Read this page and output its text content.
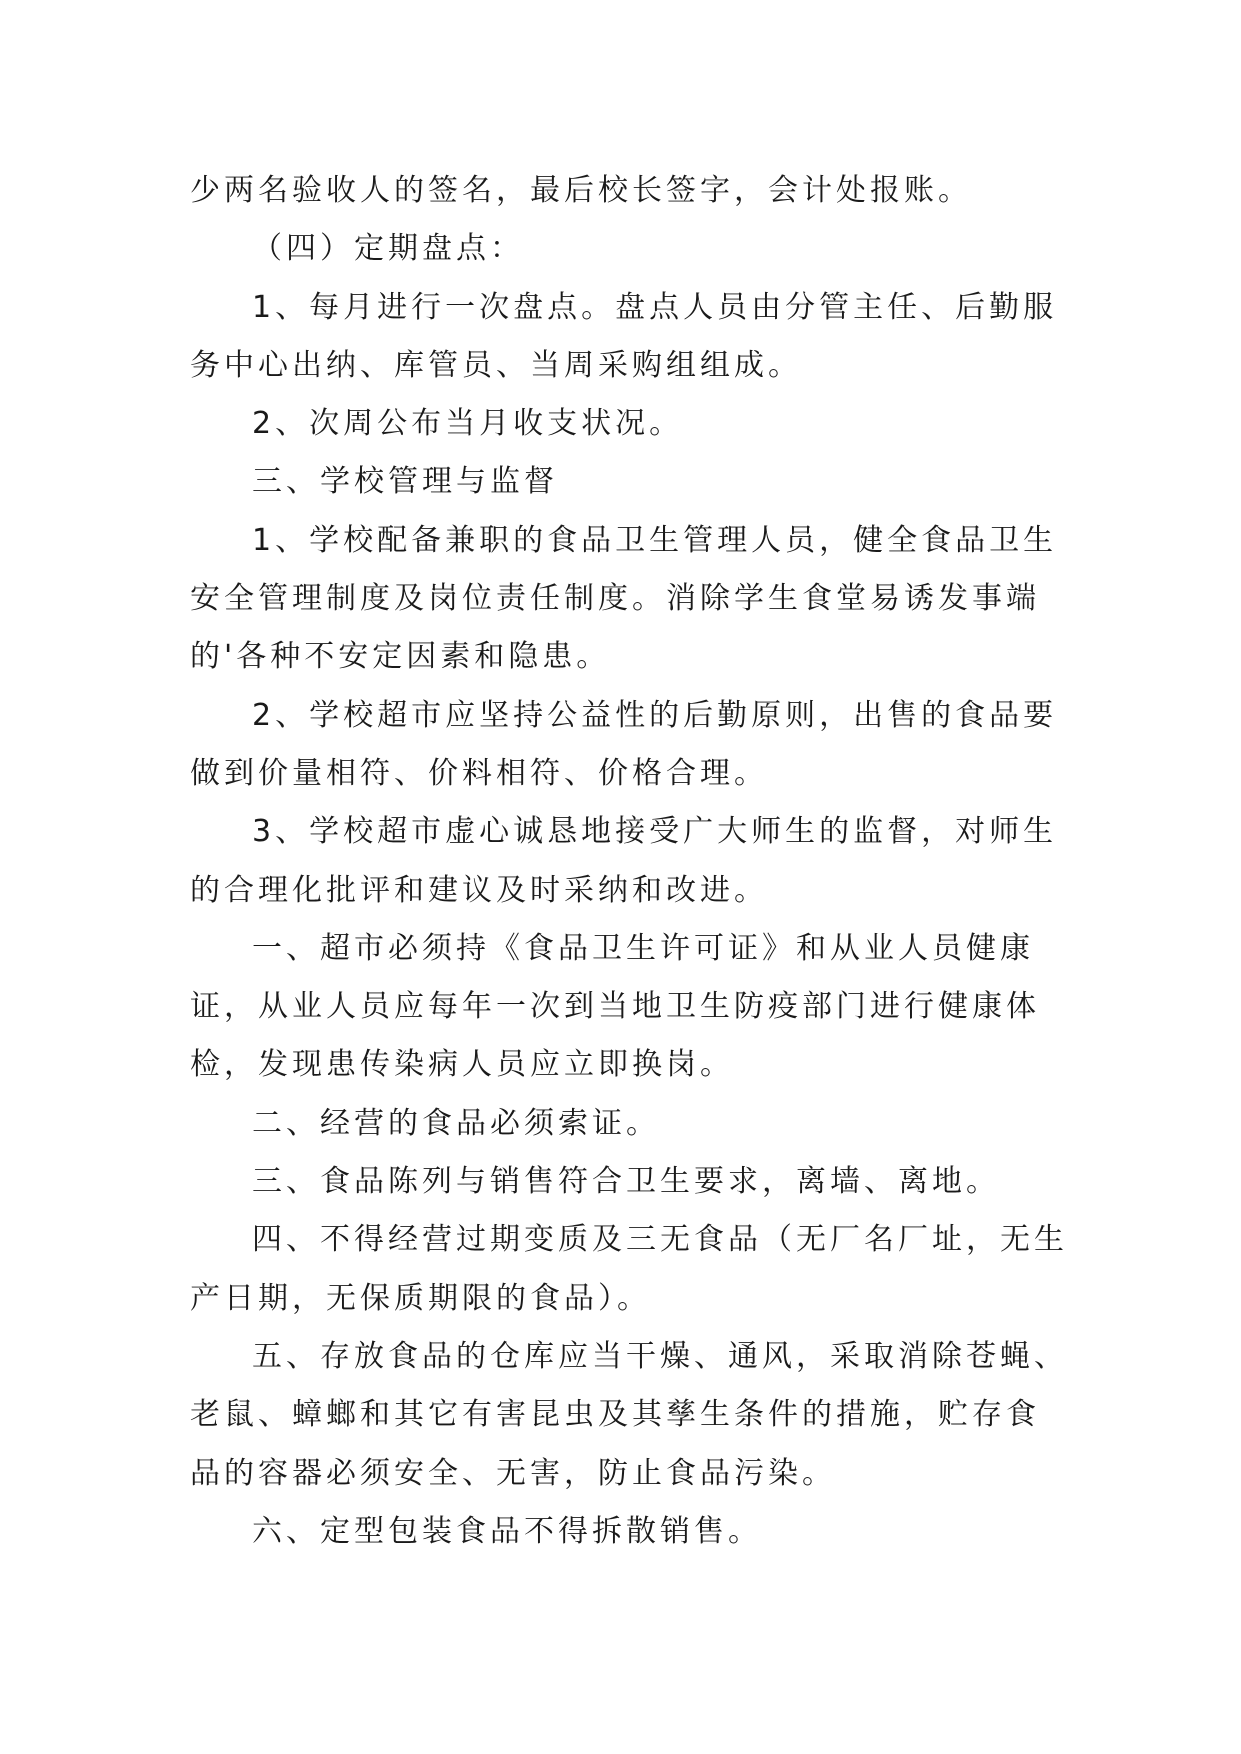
少两名验收人的签名，最后校长签字，会计处报账。

（四）定期盘点：

1、每月进行一次盘点。盘点人员由分管主任、后勤服务中心出纳、库管员、当周采购组组成。

2、次周公布当月收支状况。

三、学校管理与监督

1、学校配备兼职的食品卫生管理人员，健全食品卫生安全管理制度及岗位责任制度。消除学生食堂易诱发事端的'各种不安定因素和隐患。

2、学校超市应坚持公益性的后勤原则，出售的食品要做到价量相符、价料相符、价格合理。

3、学校超市虚心诚恳地接受广大师生的监督，对师生的合理化批评和建议及时采纳和改进。

一、超市必须持《食品卫生许可证》和从业人员健康证，从业人员应每年一次到当地卫生防疫部门进行健康体检，发现患传染病人员应立即换岗。

二、经营的食品必须索证。

三、食品陈列与销售符合卫生要求，离墙、离地。

四、不得经营过期变质及三无食品（无厂名厂址，无生产日期，无保质期限的食品）。

五、存放食品的仓库应当干燥、通风，采取消除苍蝇、老鼠、蟑螂和其它有害昆虫及其孳生条件的措施，贮存食品的容器必须安全、无害，防止食品污染。

六、定型包装食品不得拆散销售。
